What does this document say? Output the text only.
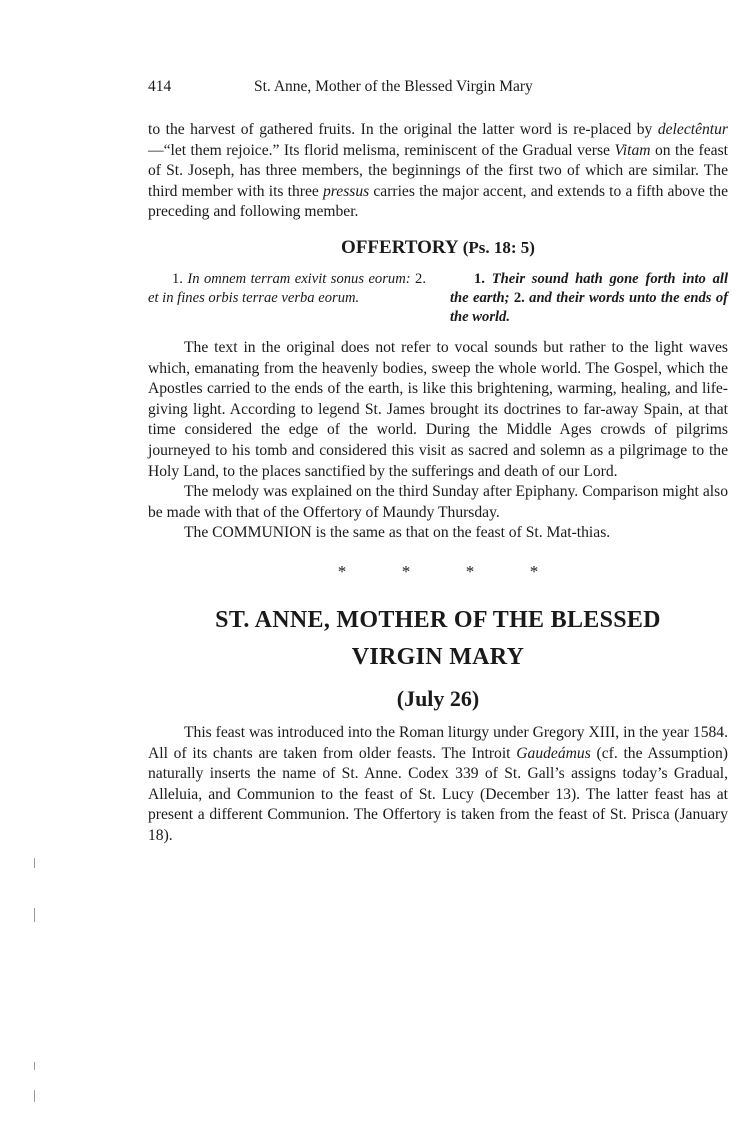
414	St. Anne, Mother of the Blessed Virgin Mary

to the harvest of gathered fruits. In the original the latter word is re-placed by delectêntur—“let them rejoice.” Its florid melisma, reminiscent of the Gradual verse Vitam on the feast of St. Joseph, has three members, the beginnings of the first two of which are similar. The third member with its three pressus carries the major accent, and extends to a fifth above the preceding and following member.

OFFERTORY (Ps. 18: 5)
1. In omnem terram exivit sonus eorum: 2. et in fines orbis terrae verba eorum.
1. Their sound hath gone forth into all the earth; 2. and their words unto the ends of the world.

The text in the original does not refer to vocal sounds but rather to the light waves which, emanating from the heavenly bodies, sweep the whole world. The Gospel, which the Apostles carried to the ends of the earth, is like this brightening, warming, healing, and life-giving light. According to legend St. James brought its doctrines to far-away Spain, at that time considered the edge of the world. During the Middle Ages crowds of pilgrims journeyed to his tomb and considered this visit as sacred and solemn as a pilgrimage to the Holy Land, to the places sanctified by the sufferings and death of our Lord.

The melody was explained on the third Sunday after Epiphany. Comparison might also be made with that of the Offertory of Maundy Thursday.

The COMMUNION is the same as that on the feast of St. Mat-thias.

*	*	*	*
ST. ANNE, MOTHER OF THE BLESSED
VIRGIN MARY
(July 26)

This feast was introduced into the Roman liturgy under Gregory XIII, in the year 1584. All of its chants are taken from older feasts. The Introit Gaudeámus (cf. the Assumption) naturally inserts the name of St. Anne. Codex 339 of St. Gall’s assigns today’s Gradual, Alleluia, and Communion to the feast of St. Lucy (December 13). The latter feast has at present a different Communion. The Offertory is taken from the feast of St. Prisca (January 18).
